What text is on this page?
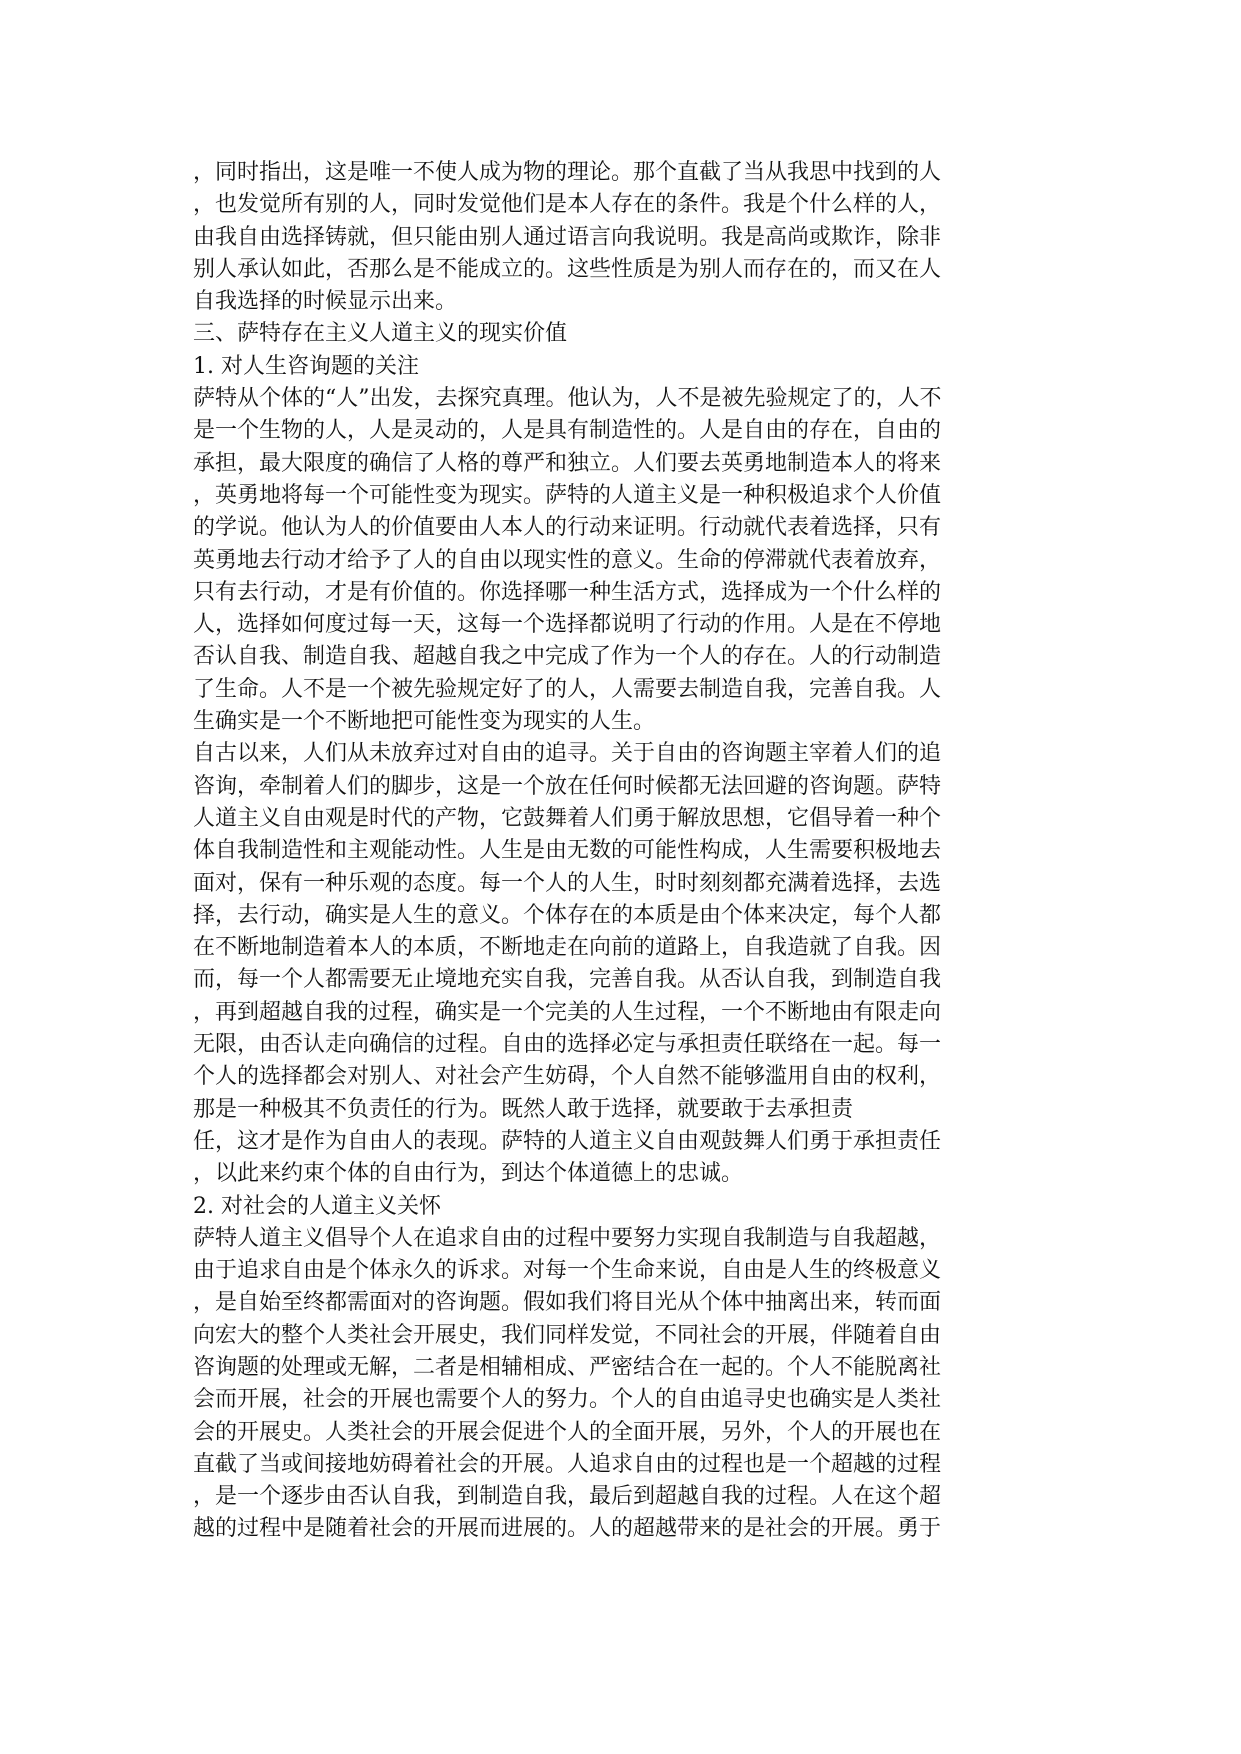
，同时指出，这是唯一不使人成为物的理论。那个直截了当从我思中找到的人
，也发觉所有别的人，同时发觉他们是本人存在的条件。我是个什么样的人，
由我自由选择铸就，但只能由别人通过语言向我说明。我是高尚或欺诈，除非
别人承认如此，否那么是不能成立的。这些性质是为别人而存在的，而又在人
自我选择的时候显示出来。
三、萨特存在主义人道主义的现实价值
1. 对人生咨询题的关注
萨特从个体的“人”出发，去探究真理。他认为，人不是被先验规定了的，人不
是一个生物的人，人是灵动的，人是具有制造性的。人是自由的存在，自由的
承担，最大限度的确信了人格的尊严和独立。人们要去英勇地制造本人的将来
，英勇地将每一个可能性变为现实。萨特的人道主义是一种积极追求个人价值
的学说。他认为人的价值要由人本人的行动来证明。行动就代表着选择，只有
英勇地去行动才给予了人的自由以现实性的意义。生命的停滞就代表着放弃，
只有去行动，才是有价值的。你选择哪一种生活方式，选择成为一个什么样的
人，选择如何度过每一天，这每一个选择都说明了行动的作用。人是在不停地
否认自我、制造自我、超越自我之中完成了作为一个人的存在。人的行动制造
了生命。人不是一个被先验规定好了的人，人需要去制造自我，完善自我。人
生确实是一个不断地把可能性变为现实的人生。
自古以来，人们从未放弃过对自由的追寻。关于自由的咨询题主宰着人们的追
咨询，牵制着人们的脚步，这是一个放在任何时候都无法回避的咨询题。萨特
人道主义自由观是时代的产物，它鼓舞着人们勇于解放思想，它倡导着一种个
体自我制造性和主观能动性。人生是由无数的可能性构成，人生需要积极地去
面对，保有一种乐观的态度。每一个人的人生，时时刻刻都充满着选择，去选
择，去行动，确实是人生的意义。个体存在的本质是由个体来决定，每个人都
在不断地制造着本人的本质，不断地走在向前的道路上，自我造就了自我。因
而，每一个人都需要无止境地充实自我，完善自我。从否认自我，到制造自我
，再到超越自我的过程，确实是一个完美的人生过程，一个不断地由有限走向
无限，由否认走向确信的过程。自由的选择必定与承担责任联络在一起。每一
个人的选择都会对别人、对社会产生妨碍，个人自然不能够滥用自由的权利，
那是一种极其不负责任的行为。既然人敢于选择，就要敢于去承担责
任，这才是作为自由人的表现。萨特的人道主义自由观鼓舞人们勇于承担责任
，以此来约束个体的自由行为，到达个体道德上的忠诚。
2. 对社会的人道主义关怀
萨特人道主义倡导个人在追求自由的过程中要努力实现自我制造与自我超越，
由于追求自由是个体永久的诉求。对每一个生命来说，自由是人生的终极意义
，是自始至终都需面对的咨询题。假如我们将目光从个体中抽离出来，转而面
向宏大的整个人类社会开展史，我们同样发觉，不同社会的开展，伴随着自由
咨询题的处理或无解，二者是相辅相成、严密结合在一起的。个人不能脱离社
会而开展，社会的开展也需要个人的努力。个人的自由追寻史也确实是人类社
会的开展史。人类社会的开展会促进个人的全面开展，另外，个人的开展也在
直截了当或间接地妨碍着社会的开展。人追求自由的过程也是一个超越的过程
，是一个逐步由否认自我，到制造自我，最后到超越自我的过程。人在这个超
越的过程中是随着社会的开展而进展的。人的超越带来的是社会的开展。勇于
